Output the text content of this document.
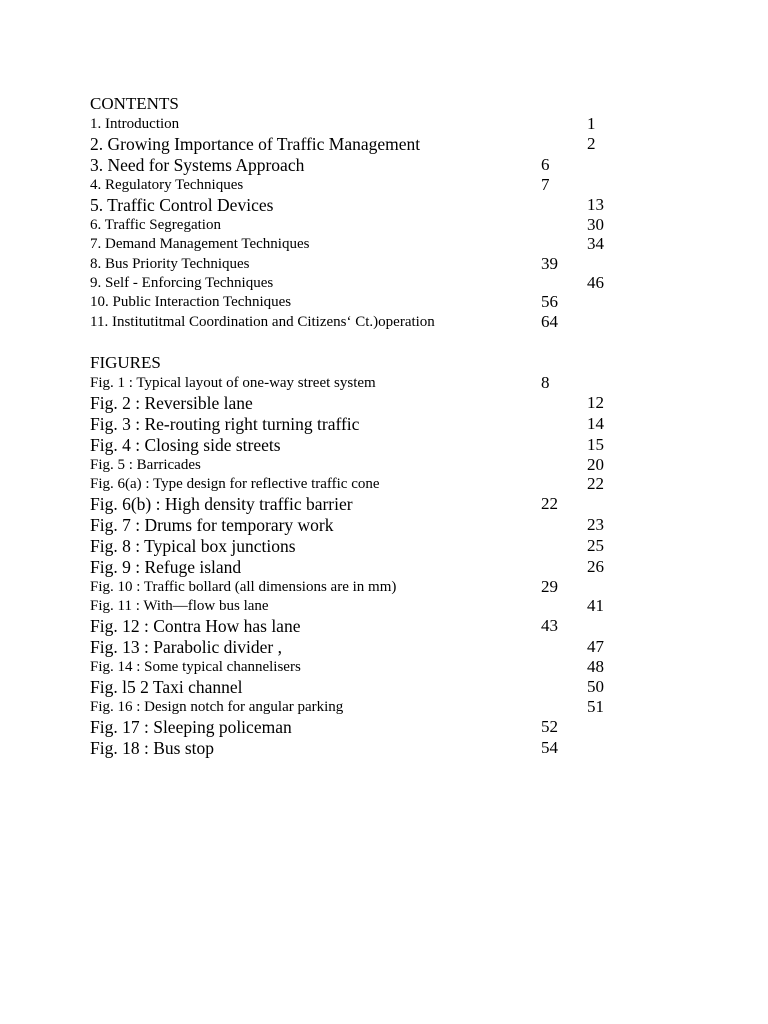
CONTENTS
1. Introduction	1
2. Growing Importance of Traffic Management	2
3. Need for Systems Approach	6
4. Regulatory Techniques	7
5. Traffic Control Devices	13
6. Traffic Segregation	30
7. Demand Management Techniques	34
8. Bus Priority Techniques	39
9. Self - Enforcing Techniques	46
10. Public Interaction Techniques	56
11. Institutitmal Coordination and Citizens‘ Ct.)operation	64
FIGURES
Fig. 1 : Typical layout of one-way street system	8
Fig. 2 : Reversible lane	12
Fig. 3 : Re-routing right turning traffic	14
Fig. 4 : Closing side streets	15
Fig. 5 : Barricades	20
Fig. 6(a) : Type design for reflective traffic cone	22
Fig. 6(b) : High density traffic barrier	22
Fig. 7 : Drums for temporary work	23
Fig. 8 : Typical box junctions	25
Fig. 9 : Refuge island	26
Fig. 10 : Traffic bollard (all dimensions are in mm)	29
Fig. 11 : With—flow bus lane	41
Fig. 12 : Contra How has lane	43
Fig. 13 : Parabolic divider ,	47
Fig. 14 : Some typical channelisers	48
Fig. l5 2 Taxi channel	50
Fig. 16 : Design notch for angular parking	51
Fig. 17 : Sleeping policeman	52
Fig. 18 : Bus stop	54
